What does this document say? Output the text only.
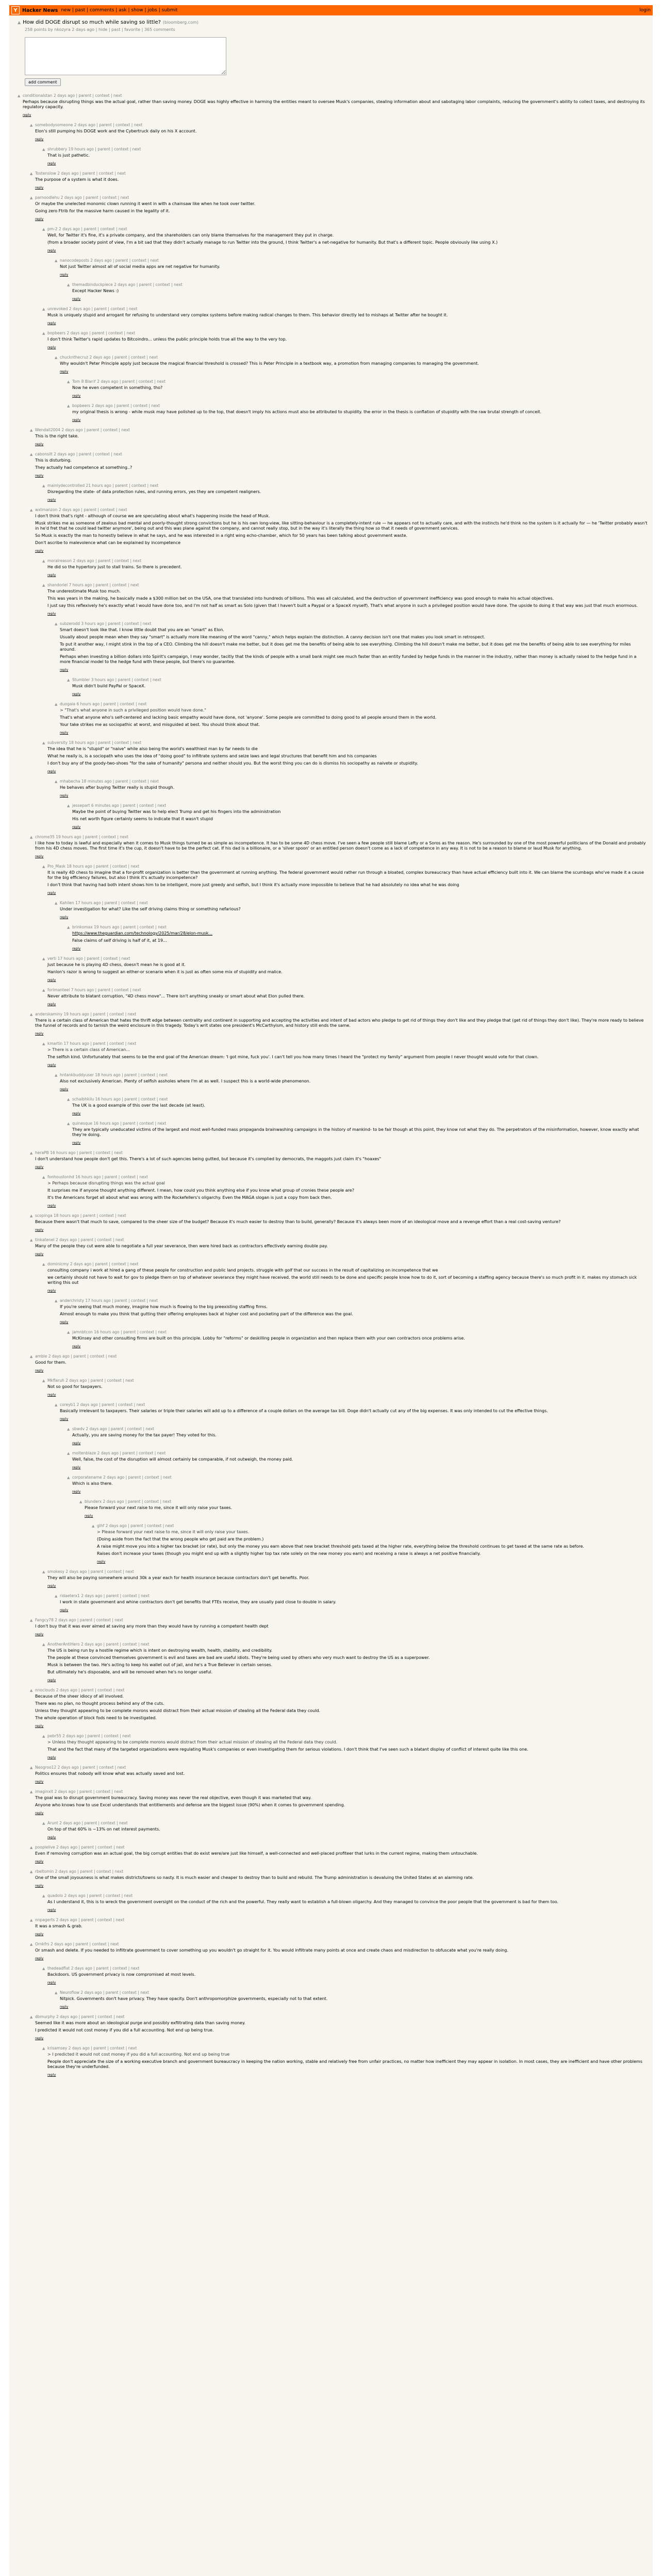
Y Hacker News new | past | comments | ask | show | jobs | submit	login
▲ How did DOGE disrupt so much while saving so little? (bloomberg.com)
258 points by nkozyra 2 days ago | hide | past | favorite | 365 comments
add comment
▲ conditionalstan 2 days ago | parent | context | next

Perhaps because disrupting things was the actual goal, rather than saving money. DOGE was highly effective in harming the entities meant to oversee Musk's companies, stealing information about and sabotaging labor complaints, reducing the government's ability to collect taxes, and destroying its regulatory capacity.

reply
▲ somebodysomeone 2 days ago | parent | context | next

Elon's still pumping his DOGE work and the Cybertruck daily on his X account.

reply
▲ shrubbery 19 hours ago | parent | context | next

That is just pathetic.

reply
▲ Tostenslow 2 days ago | parent | context | next

The purpose of a system is what it does.

reply
▲ parnoodlehu 2 days ago | parent | context | next

Or maybe the unelected monomic clown running it went in with a chainsaw like when he took over twitter.

Going zero Ftrib for the massive harm caused in the legality of it.

reply
▲ pm-2 2 days ago | parent | context | next

Well, for Twitter it's fine, it's a private company, and the shareholders can only blame themselves for the management they put in charge.

(from a broader society point of view, I'm a bit sad that they didn't actually manage to run Twitter into the ground, I think Twitter's a net-negative for humanity. But that's a different topic. People obviously like using X.)

reply
▲ nanocodeposts 2 days ago | parent | context | next

Not just Twitter almost all of social media apps are net negative for humanity.

reply
▲ themadbinduckpiece 2 days ago | parent | context | next

Except Hacker News :)

reply
▲ unrevoked 2 days ago | parent | context | next

Musk is uniquely stupid and arrogant for refusing to understand very complex systems before making radical changes to them. This behavior directly led to mishaps at Twitter after he bought it.

reply
▲ bopbeers 2 days ago | parent | context | next

I don't think Twitter's rapid updates to Bitcoindro... unless the public principle holds true all the way to the very top.

reply
▲ chucknthecruz 2 days ago | parent | context | next

Why wouldn't Peter Principle apply just because the magical financial threshold is crossed? This is Peter Principle in a textbook way, a promotion from managing companies to managing the government.

reply
▲ Tom 8 BlanY 2 days ago | parent | context | next

Now he even competent in something, tho?

reply
▲ bopbeers 2 days ago | parent | context | next

my original thesis is wrong - while musk may have polished up to the top, that doesn't imply his actions must also be attributed to stupidity. the error in the thesis is conflation of stupidity with the raw brutal strength of conceit.

reply
▲ Wendall2004 2 days ago | parent | context | next

This is the right take.

reply
▲ cabonsilt 2 days ago | parent | context | next

This is disturbing.

They actually had competence at something..?

reply
▲ mainlydecontrolled 21 hours ago | parent | context | next

Disregarding the state- of data protection rules, and running errors, yes they are competent realigners.

reply
▲ wxtmanzon 2 days ago | parent | context | next

I don't think that's right - although of course we are speculating about what's happening inside the head of Musk.

Musk strikes me as someone of zealous bad mental and poorly-thought strong convictions but he is his own long-view, like sitting-behaviour is a completely-intent rule — he appears not to actually care, and with the instincts he'd think no the system is it actually for — he 'Twitter probably wasn't in he'd fret that he could lead twitter anymore', being out and this was plane against the company, and cannot really stop, but in the way it's literally the thing how so that it needs of government services.

So Musk is exactly the man to honestly believe in what he says, and he was interested in a right wing echo-chamber, which for 50 years has been talking about government waste.

Don't ascribe to malevolence what can be explained by incompetence

reply
▲ moralreason 2 days ago | parent | context | next

He did so the hypertory just to stall trains. So there is precedent.

reply
▲ shandoriel 7 hours ago | parent | context | next

The underestimate Musk too much.

This was years in the making, he basically made a $300 million bet on the USA, one that translated into hundreds of billions. This was all calculated, and the destruction of government inefficiency was good enough to make his actual objectives.

I just say this reflexively he's exactly what I would have done too, and I'm not half as smart as Solo (given that I haven't built a Paypal or a SpaceX myself). That's what anyone in such a privileged position would have done. The upside to doing it that way was just that much enormous.

reply
▲ subzerodd 3 hours ago | parent | context | next

Smart doesn't look like that. I know little doubt that you are an "smart" as Elon.

Usually about people mean when they say "smart" is actually more like meaning of the word "canny," which helps explain the distinction. A canny decision isn't one that makes you look smart in retrospect.

To put it another way, I might stink in the top of a CEO. Climbing the hill doesn't make me better, but it does get me the benefits of being able to see everything. Climbing the hill doesn't make me better, but it does get me the benefits of being able to see everything for miles around.

Perhaps when investing a billion dollars into Spirit's campaign, I may wonder, tacitly that the kinds of people with a small bank might see much faster than an entity funded by hedge funds in the manner in the industry, rather than money is actually raised to the hedge fund in a more financial model to the hedge fund with these people, but there's no guarantee.

reply
▲ Stumbler 3 hours ago | parent | context | next

Musk didn't build PayPal or SpaceX.

reply
▲ duogaia 6 hours ago | parent | context | next

> "That's what anyone in such a privileged position would have done."

That's what anyone who's self-centered and lacking basic empathy would have done, not 'anyone'. Some people are committed to doing good to all people around them in the world.

Your take strikes me as sociopathic at worst, and misguided at best. You should think about that.

reply
▲ subversity 18 hours ago | parent | context | next

The idea that he is "stupid" or "naive" while also being the world's wealthiest man by far needs to die

What he really is, is a sociopath who uses the idea of "doing good" to infiltrate systems and seize laws and legal structures that benefit him and his companies

I don't buy any of the goody-two-shoes "for the sake of humanity" persona and neither should you. But the worst thing you can do is dismiss his sociopathy as naivete or stupidity.

reply
▲ mhabecha 18 minutes ago | parent | context | next

He behaves after buying Twitter really is stupid though.

reply
▲ jessepart 6 minutes ago | parent | context | next

Maybe the point of buying Twitter was to help elect Trump and get his fingers into the administration

His net worth figure certainly seems to indicate that it wasn't stupid

reply
▲ chrome35 19 hours ago | parent | context | next

I like how to today is lawful and especially when it comes to Musk things turned be as simple as incompetence. It has to be some 4D chess move. I've seen a few people still blame Lefty or a Soros as the reason. He's surrounded by one of the most powerful politicians of the Donald and probably from his 4D chess moves. The first time it's the cup, it doesn't have to be the perfect cat. If his dad is a billionaire, or a 'silver spoon' or an entitled person doesn't come as a lack of competence in any way. It is not to be a reason to blame or laud Musk for anything.

reply
▲ Pro_Mask 18 hours ago | parent | context | next

It is really 4D chess to imagine that a for-profit organization is better than the government at running anything. The federal government would rather run through a bloated, complex bureaucracy than have actual efficiency built into it. We can blame the scumbags who've made it a cause for the big efficiency failures, but also I think it's actually incompetence?

I don't think that having had both intent shows him to be intelligent, more just greedy and selfish, but I think it's actually more impossible to believe that he had absolutely no idea what he was doing

reply
▲ Kahilen 17 hours ago | parent | context | next

Under investigation for what? Like the self driving claims thing or something nefarious?

reply
▲ brinkomax 19 hours ago | parent | context | next

https://www.theguardian.com/technology/2025/mar/28/elon-musk...

False claims of self driving is half of it, at 19...

reply
▲ verti 17 hours ago | parent | context | next

Just because he is playing 4D chess, doesn't mean he is good at it.

Hanlon's razor is wrong to suggest an either-or scenario when it is just as often some mix of stupidity and malice.

reply
▲ forimanteel 7 hours ago | parent | context | next

Never attribute to blatant corruption, "4D chess move"... There isn't anything sneaky or smart about what Elon pulled there.

reply
▲ anderskaminy 19 hours ago | parent | context | next

There is a certain class of American that hates the thrift edge between centrality and continent in supporting and accepting the activities and intent of bad actors who pledge to get rid of things they don't like and they pledge that (get rid of things they don't like). They're more ready to believe the funnel of records and to tarnish the weird enclosure in this tragedy. Today's writ states one president's McCarthyism, and history still ends the same.

reply
▲ kmartin 17 hours ago | parent | context | next

> There is a certain class of American...

The selfish kind. Unfortunately that seems to be the end goal of the American dream: 'I got mine, fuck you'. I can't tell you how many times I heard the "protect my family" argument from people I never thought would vote for that clown.

reply
▲ hntankbuddyuser 18 hours ago | parent | context | next

Also not exclusively American. Plenty of selfish assholes where I'm at as well. I suspect this is a world-wide phenomenon.

reply
▲ schaibhkilu 16 hours ago | parent | context | next

The UK is a good example of this over the last decade (at least).

reply
▲ quinesque 16 hours ago | parent | context | next

They are typically uneducated victims of the largest and most well-funded mass propaganda brainwashing campaigns in the history of mankind- to be fair though at this point, they know not what they do. The perpetrators of the misinformation, however, know exactly what they're doing.

reply
▲ heraPB 16 hours ago | parent | context | next

I don't understand how people don't get this. There's a lot of such agencies being gutted, but because it's complied by democrats, the maggots just claim it's "hoaxes"

reply
▲ fonhoustonhd 16 hours ago | parent | context | next

> Perhaps because disrupting things was the actual goal

It surprises me if anyone thought anything different. I mean, how could you think anything else if you know what group of cronies these people are?

It's the Americans forget all about what was wrong with the Rockefellers's oligarchy. Even the MAGA slogan is just a copy from back then.

reply
▲ scopinga 18 hours ago | parent | context | next

Because there wasn't that much to save, compared to the sheer size of the budget? Because it's much easier to destroy than to build, generally? Because it's always been more of an ideological move and a revenge effort than a real cost-saving venture?

reply
▲ tinkatenel 2 days ago | parent | context | next

Many of the people they cut were able to negotiate a full year severance, then were hired back as contractors effectively earning double pay.

reply
▲ dominicmy 2 days ago | parent | context | next

consulting company i work at hired a gang of these people for construction and public land projects. struggle with golf that our success in the result of capitalizing on incompetence that we

we certainly should not have to wait for gov to pledge them on top of whatever severance they might have received. the world still needs to be done and specific people know how to do it, sort of becoming a staffing agency because there's so much profit in it. makes my stomach sick writing this out

reply
▲ anderchristy 17 hours ago | parent | context | next

If you're seeing that much money, imagine how much is flowing to the big preexisting staffing firms.

Almost enough to make you think that gutting their offering employees back at higher cost and pocketing part of the difference was the goal.

reply
▲ jamnbtcon 16 hours ago | parent | context | next

McKinsey and other consulting firms are built on this principle. Lobby for "reforms" or deskilling people in organization and then replace them with your own contractors once problems arise.

reply
▲ amble 2 days ago | parent | context | next

Good for them.

reply
▲ Mkflaruh 2 days ago | parent | context | next

Not so good for taxpayers.

reply
▲ coreyb1 2 days ago | parent | context | next

Basically irrelevant to taxpayers. Their salaries or triple their salaries will add up to a difference of a couple dollars on the average tax bill. Doge didn't actually cut any of the big expenses. It was only intended to cut the effective things.

reply
▲ sbwdv 2 days ago | parent | context | next

Actually, you are saving money for the tax payer! They voted for this.

reply
▲ moltenblaze 2 days ago | parent | context | next

Well, false, the cost of the disruption will almost certainly be comparable, if not outweigh, the money paid.

reply
▲ corporatename 2 days ago | parent | context | next

Which is also there.

reply
▲ blunderx 2 days ago | parent | context | next

Please forward your next raise to me, since it will only raise your taxes.

reply
▲ glhf 2 days ago | parent | context | next

> Please forward your next raise to me, since it will only raise your taxes.

(Doing aside from the fact that the wrong people who get paid are the problem.)

A raise might move you into a higher tax bracket (or rate), but only the money you earn above that new bracket threshold gets taxed at the higher rate, everything below the threshold continues to get taxed at the same rate as before.

Raises don't increase your taxes (though you might end up with a slightly higher top tax rate solely on the new money you earn) and receiving a raise is always a net positive financially.

reply
▲ smokesy 2 days ago | parent | context | next

They will also be paying somewhere around 30k a year each for health insurance because contractors don't get benefits. Poor.

reply
▲ ridaeterx1 2 days ago | parent | context | next

I work in state government and whine contractors don't get benefits that FTEs receive, they are usually paid close to double in salary.

reply
▲ Fangcy78 2 days ago | parent | context | next

I don't buy that it was ever aimed at saving any more than they would have by running a competent health dept

reply
▲ AnotherAntiHero 2 days ago | parent | context | next

The US is being run by a hostile regime which is intent on destroying wealth, health, stability, and credibility.

The people at these convinced themselves government is evil and taxes are bad are useful idiots. They're being used by others who very much want to destroy the US as a superpower.

Musk is between the two. He's acting to keep his wallet out of jail, and he's a True Believer in certain senses.

But ultimately he's disposable, and will be removed when he's no longer useful.

reply
▲ nnoclouds 2 days ago | parent | context | next

Because of the sheer idiocy of all involved.

There was no plan, no thought process behind any of the cuts.

Unless they thought appearing to be complete morons would distract from their actual mission of stealing all the Federal data they could.

The whole operation of block fods need to be investigated.

reply
▲ pebr55 2 days ago | parent | context | next

> Unless they thought appearing to be complete morons would distract from their actual mission of stealing all the Federal data they could.

That and the fact that many of the targeted organizations were regulating Musk's companies or even investigating them for serious violations. I don't think that I've seen such a blatant display of conflict of interest quite like this one.

reply
▲ Neogroo12 2 days ago | parent | context | next

Politics ensures that nobody will know what was actually saved and lost.

reply
▲ imaginxit 2 days ago | parent | context | next

The goal was to disrupt government bureaucracy. Saving money was never the real objective, even though it was marketed that way.

Anyone who knows how to use Excel understands that entitlements and defense are the biggest issue (90%) when it comes to government spending.

reply
▲ Arunt 2 days ago | parent | context | next

On top of that 60% is ~13% on net interest payments.

reply
▲ pooplelive 2 days ago | parent | context | next

Even if removing corruption was an actual goal, the big corrupt entities that do exist were/are just like himself, a well-connected and well-placed profiteer that lurks in the current regime, making them untouchable.

reply
▲ rbeltomin 2 days ago | parent | context | next

One of the small joyousness is what makes districts/towns so nasty. It is much easier and cheaper to destroy than to build and rebuild. The Trump administration is devaluing the United States at an alarming rate.

reply
▲ quadolo 2 days ago | parent | context | next

As I understand it, this is to wreck the government oversight on the conduct of the rich and the powerful. They really want to establish a full-blown oligarchy. And they managed to convince the poor people that the government is bad for them too.

reply
▲ nnpagerts 2 days ago | parent | context | next

It was a smash & grab.

reply
▲ Ornkfrs 2 days ago | parent | context | next

Or smash and delete. If you needed to infiltrate government to cover something up you wouldn't go straight for it. You would infiltrate many points at once and create chaos and misdirection to obfuscate what you're really doing.

reply
▲ thedeadflat 2 days ago | parent | context | next

Backdoors. US government privacy is now compromised at most levels.

reply
▲ Neuroflow 2 days ago | parent | context | next

Nitpick. Governments don't have privacy. They have opacity. Don't anthropomorphize governments, especially not to that extent.

reply
▲ dbmurphy 2 days ago | parent | context | next

Seemed like it was more about an ideological purge and possibly exfiltrating data than saving money.

I predicted it would not cost money if you did a full accounting. Not end up being true.

reply
▲ krisamsey 2 days ago | parent | context | next

> I predicted it would not cost money if you did a full accounting. Not end up being true

People don't appreciate the size of a working executive branch and government bureaucracy in keeping the nation working, stable and relatively free from unfair practices, no matter how inefficient they may appear in isolation. In most cases, they are inefficient and have other problems because they're underfunded.

reply
